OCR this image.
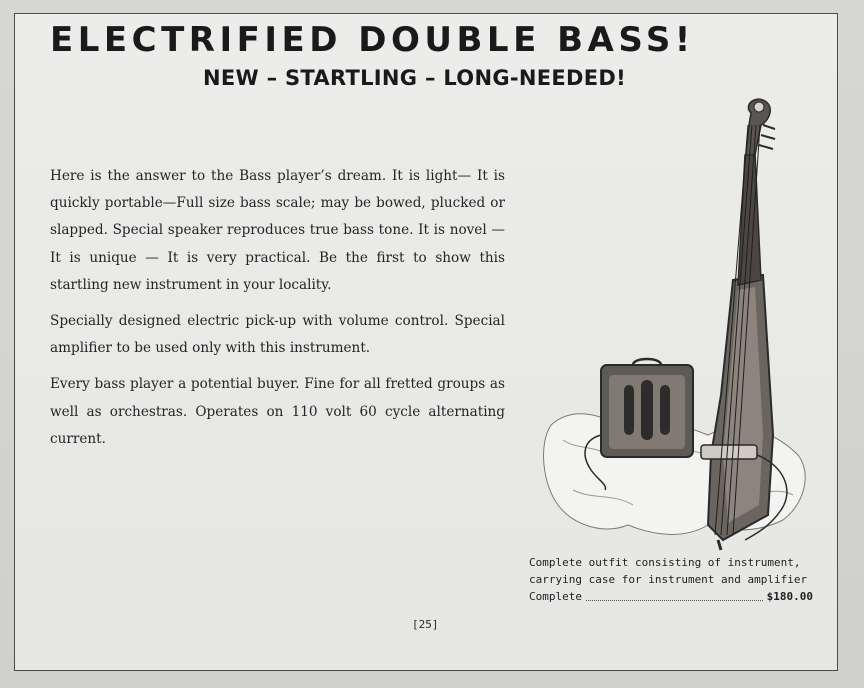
ELECTRIFIED DOUBLE BASS!
NEW – STARTLING – LONG-NEEDED!

Here is the answer to the Bass player’s dream. It is light— It is quickly portable—Full size bass scale; may be bowed, plucked or slapped. Special speaker reproduces true bass tone. It is novel — It is unique — It is very practical. Be the first to show this startling new instrument in your locality.

Specially designed electric pick-up with volume control. Special amplifier to be used only with this instrument.

Every bass player a potential buyer. Fine for all fretted groups as well as orchestras. Operates on 110 volt 60 cycle alternating current.

Complete outfit consisting of instrument,
carrying case for instrument and amplifier
Complete	$180.00
[25]
